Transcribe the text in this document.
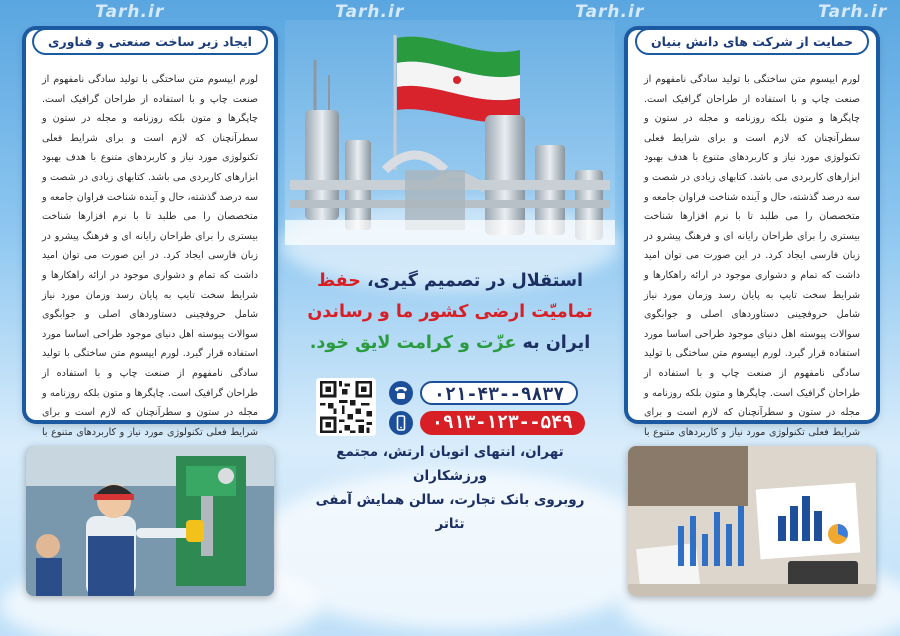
Tarh.ir	Tarh.ir	Tarh.ir	Tarh.ir
ایجاد زیر ساخت صنعتی و فناوری
لورم ایپسوم متن ساختگی با تولید سادگی نامفهوم از صنعت چاپ و با استفاده از طراحان گرافیک است. چاپگرها و متون بلکه روزنامه و مجله در ستون و سطرآنچنان که لازم است و برای شرایط فعلی تکنولوژی مورد نیاز و کاربردهای متنوع با هدف بهبود ابزارهای کاربردی می باشد. کتابهای زیادی در شصت و سه درصد گذشته، حال و آینده شناخت فراوان جامعه و متخصصان را می طلبد تا با نرم افزارها شناخت بیستری را برای طراحان رایانه ای و فرهنگ پیشرو در زبان فارسی ایجاد کرد. در این صورت می توان امید داشت که تمام و دشواری موجود در ارائه راهکارها و شرایط سخت تایپ به پایان رسد وزمان مورد نیاز شامل حروفچینی دستاوردهای اصلی و جوابگوی سوالات پیوسته اهل دنیای موجود طراحی اساسا مورد استفاده قرار گیرد. لورم ایپسوم متن ساختگی با تولید سادگی نامفهوم از صنعت چاپ و با استفاده از طراحان گرافیک است. چاپگرها و متون بلکه روزنامه و مجله در ستون و سطرآنچنان که لازم است و برای شرایط فعلی تکنولوژی مورد نیاز و کاربردهای متنوع با
حمایت از شرکت های دانش بنیان
لورم ایپسوم متن ساختگی با تولید سادگی نامفهوم از صنعت چاپ و با استفاده از طراحان گرافیک است. چاپگرها و متون بلکه روزنامه و مجله در ستون و سطرآنچنان که لازم است و برای شرایط فعلی تکنولوژی مورد نیاز و کاربردهای متنوع با هدف بهبود ابزارهای کاربردی می باشد. کتابهای زیادی در شصت و سه درصد گذشته، حال و آینده شناخت فراوان جامعه و متخصصان را می طلبد تا با نرم افزارها شناخت بیستری را برای طراحان رایانه ای و فرهنگ پیشرو در زبان فارسی ایجاد کرد. در این صورت می توان امید داشت که تمام و دشواری موجود در ارائه راهکارها و شرایط سخت تایپ به پایان رسد وزمان مورد نیاز شامل حروفچینی دستاوردهای اصلی و جوابگوی سوالات پیوسته اهل دنیای موجود طراحی اساسا مورد استفاده قرار گیرد. لورم ایپسوم متن ساختگی با تولید سادگی نامفهوم از صنعت چاپ و با استفاده از طراحان گرافیک است. چاپگرها و متون بلکه روزنامه و مجله در ستون و سطرآنچنان که لازم است و برای شرایط فعلی تکنولوژی مورد نیاز و کاربردهای متنوع با
استقلال در تصمیم گیری، حفظ
تمامیّت ارضی کشور ما و رساندن
ایران به عزّت و کرامت لایق خود.
۰۲۱-۴۳--۹۸۳۷
۰۹۱۳-۱۲۳--۵۴۹
تهران، انتهای اتوبان ارتش، مجتمع ورزشکاران
روبروی بانک تجارت، سالن همایش آمفی تئاتر
